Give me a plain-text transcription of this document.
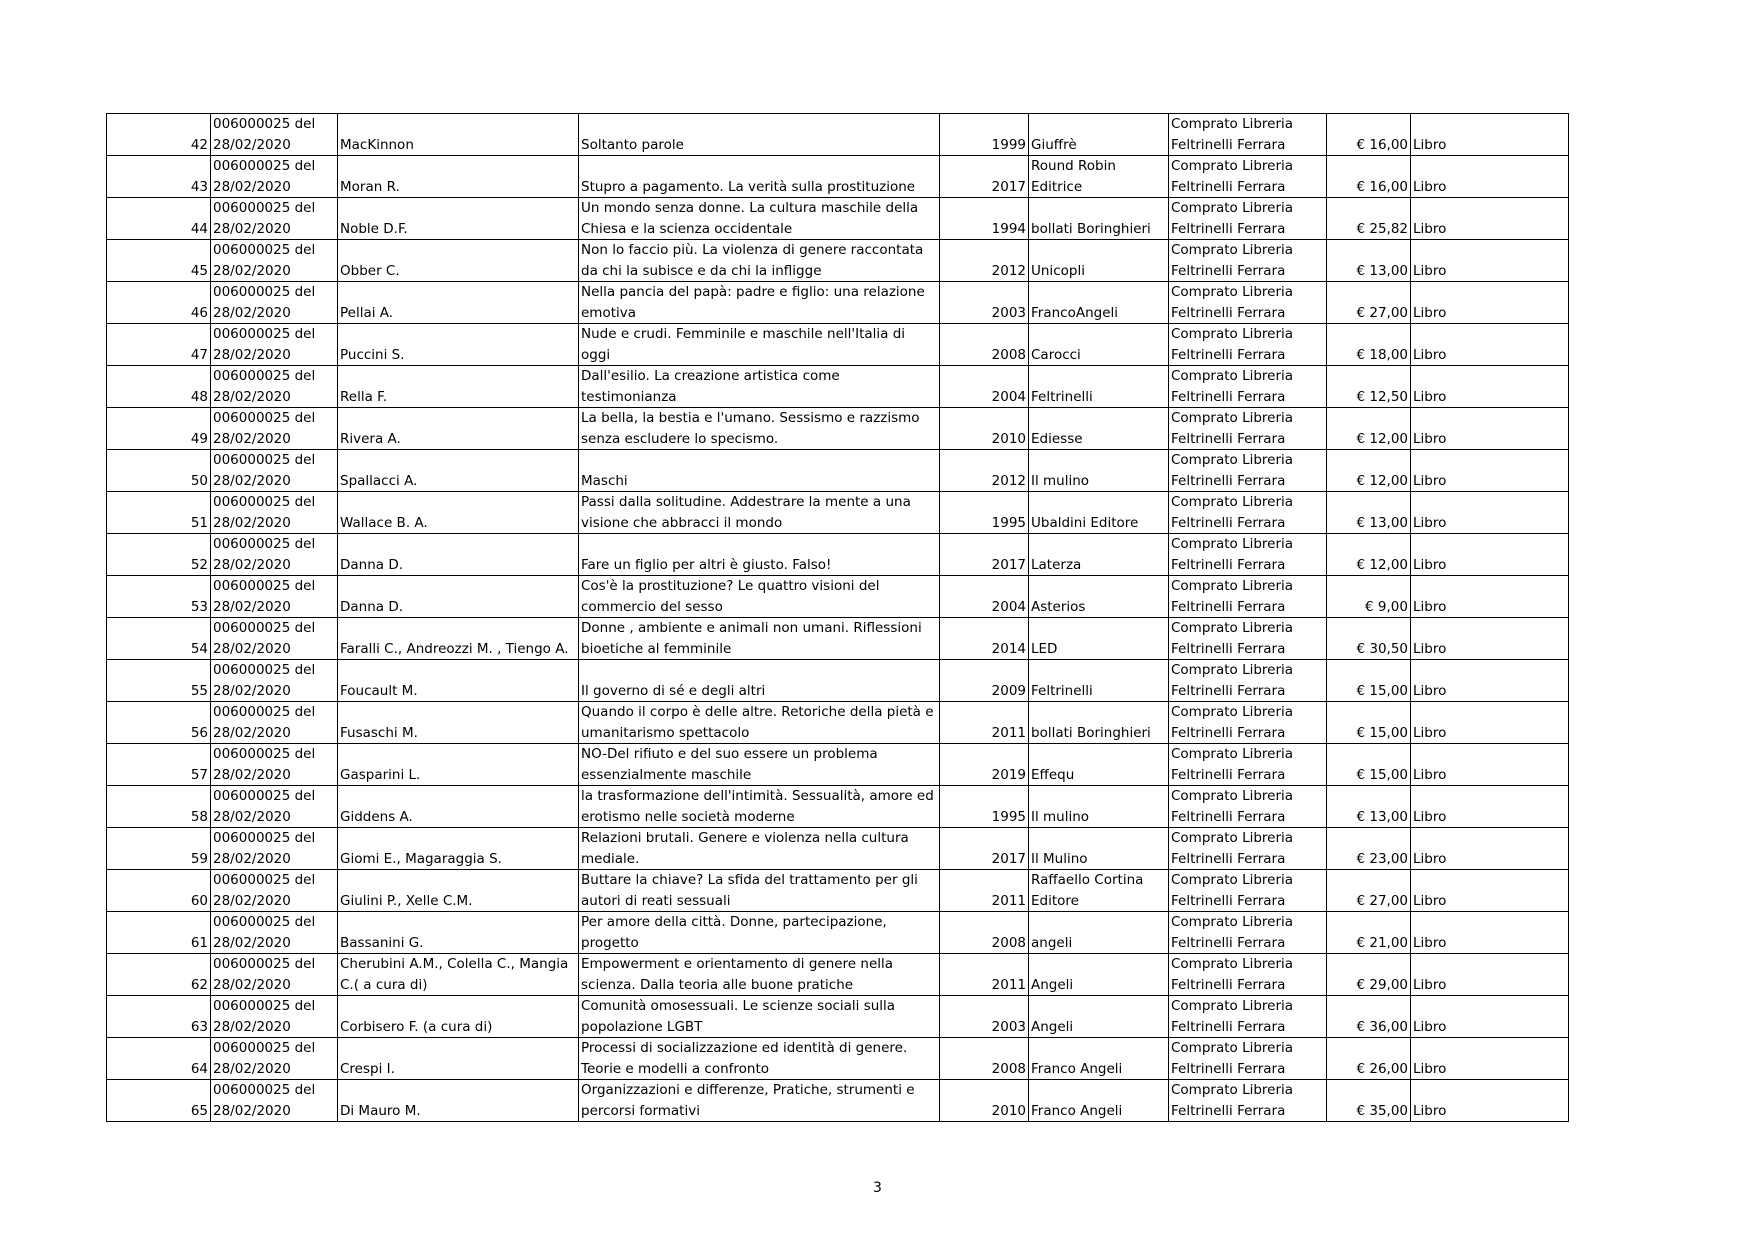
42	006000025 del 28/02/2020	MacKinnon	Soltanto parole	1999	Giuffrè	Comprato Libreria Feltrinelli Ferrara	€ 16,00	Libro
43	006000025 del 28/02/2020	Moran R.	Stupro a pagamento. La verità sulla prostituzione	2017	Round Robin Editrice	Comprato Libreria Feltrinelli Ferrara	€ 16,00	Libro
44	006000025 del 28/02/2020	Noble D.F.	Un mondo senza donne. La cultura maschile della Chiesa e la scienza occidentale	1994	bollati Boringhieri	Comprato Libreria Feltrinelli Ferrara	€ 25,82	Libro
45	006000025 del 28/02/2020	Obber C.	Non lo faccio più. La violenza di genere raccontata da chi la subisce e da chi la infligge	2012	Unicopli	Comprato Libreria Feltrinelli Ferrara	€ 13,00	Libro
46	006000025 del 28/02/2020	Pellai A.	Nella pancia del papà: padre e figlio: una relazione emotiva	2003	FrancoAngeli	Comprato Libreria Feltrinelli Ferrara	€ 27,00	Libro
47	006000025 del 28/02/2020	Puccini S.	Nude e crudi. Femminile e maschile nell'Italia di oggi	2008	Carocci	Comprato Libreria Feltrinelli Ferrara	€ 18,00	Libro
48	006000025 del 28/02/2020	Rella F.	Dall'esilio. La creazione artistica come testimonianza	2004	Feltrinelli	Comprato Libreria Feltrinelli Ferrara	€ 12,50	Libro
49	006000025 del 28/02/2020	Rivera A.	La bella, la bestia e l'umano. Sessismo e razzismo senza escludere lo specismo.	2010	Ediesse	Comprato Libreria Feltrinelli Ferrara	€ 12,00	Libro
50	006000025 del 28/02/2020	Spallacci A.	Maschi	2012	Il mulino	Comprato Libreria Feltrinelli Ferrara	€ 12,00	Libro
51	006000025 del 28/02/2020	Wallace B. A.	Passi dalla solitudine. Addestrare la mente a una visione che abbracci il mondo	1995	Ubaldini Editore	Comprato Libreria Feltrinelli Ferrara	€ 13,00	Libro
52	006000025 del 28/02/2020	Danna D.	Fare un figlio per altri è giusto. Falso!	2017	Laterza	Comprato Libreria Feltrinelli Ferrara	€ 12,00	Libro
53	006000025 del 28/02/2020	Danna D.	Cos'è la prostituzione? Le quattro visioni del commercio del sesso	2004	Asterios	Comprato Libreria Feltrinelli Ferrara	€ 9,00	Libro
54	006000025 del 28/02/2020	Faralli C., Andreozzi M. , Tiengo A.	Donne , ambiente e animali non umani. Riflessioni bioetiche al femminile	2014	LED	Comprato Libreria Feltrinelli Ferrara	€ 30,50	Libro
55	006000025 del 28/02/2020	Foucault M.	Il governo di sé e degli altri	2009	Feltrinelli	Comprato Libreria Feltrinelli Ferrara	€ 15,00	Libro
56	006000025 del 28/02/2020	Fusaschi M.	Quando il corpo è delle altre. Retoriche della pietà e umanitarismo spettacolo	2011	bollati Boringhieri	Comprato Libreria Feltrinelli Ferrara	€ 15,00	Libro
57	006000025 del 28/02/2020	Gasparini L.	NO-Del rifiuto e del suo essere un problema essenzialmente maschile	2019	Effequ	Comprato Libreria Feltrinelli Ferrara	€ 15,00	Libro
58	006000025 del 28/02/2020	Giddens A.	la trasformazione dell'intimità. Sessualità, amore ed erotismo nelle società moderne	1995	Il mulino	Comprato Libreria Feltrinelli Ferrara	€ 13,00	Libro
59	006000025 del 28/02/2020	Giomi E., Magaraggia S.	Relazioni brutali. Genere e violenza nella cultura mediale.	2017	Il Mulino	Comprato Libreria Feltrinelli Ferrara	€ 23,00	Libro
60	006000025 del 28/02/2020	Giulini P., Xelle C.M.	Buttare la chiave? La sfida del trattamento per gli autori di reati sessuali	2011	Raffaello Cortina Editore	Comprato Libreria Feltrinelli Ferrara	€ 27,00	Libro
61	006000025 del 28/02/2020	Bassanini G.	Per amore della città. Donne, partecipazione, progetto	2008	angeli	Comprato Libreria Feltrinelli Ferrara	€ 21,00	Libro
62	006000025 del 28/02/2020	Cherubini A.M., Colella C., Mangia C.( a cura di)	Empowerment e orientamento di genere nella scienza. Dalla teoria alle buone pratiche	2011	Angeli	Comprato Libreria Feltrinelli Ferrara	€ 29,00	Libro
63	006000025 del 28/02/2020	Corbisero F. (a cura di)	Comunità omosessuali. Le scienze sociali sulla popolazione LGBT	2003	Angeli	Comprato Libreria Feltrinelli Ferrara	€ 36,00	Libro
64	006000025 del 28/02/2020	Crespi I.	Processi di socializzazione ed identità di genere. Teorie e modelli a confronto	2008	Franco Angeli	Comprato Libreria Feltrinelli Ferrara	€ 26,00	Libro
65	006000025 del 28/02/2020	Di Mauro M.	Organizzazioni e differenze, Pratiche, strumenti e percorsi formativi	2010	Franco Angeli	Comprato Libreria Feltrinelli Ferrara	€ 35,00	Libro
3
